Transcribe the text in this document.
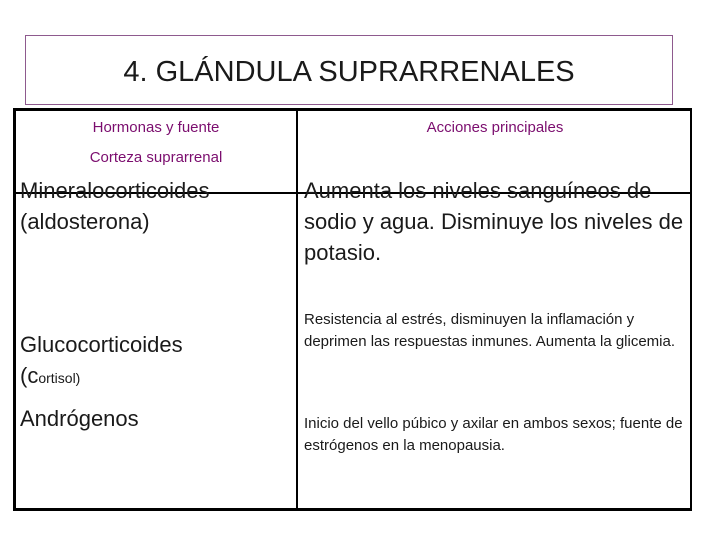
4. GLÁNDULA SUPRARRENALES
Hormonas y fuente
Corteza suprarrenal
Acciones principales
Mineralocorticoides
(aldosterona)
Aumenta los niveles sanguíneos de sodio y agua. Disminuye los niveles de potasio.
Glucocorticoides
(cortisol)
Resistencia al estrés, disminuyen la inflamación y deprimen las respuestas inmunes. Aumenta la glicemia.
Andrógenos	Inicio del vello púbico y axilar en ambos sexos; fuente de estrógenos en la menopausia.
